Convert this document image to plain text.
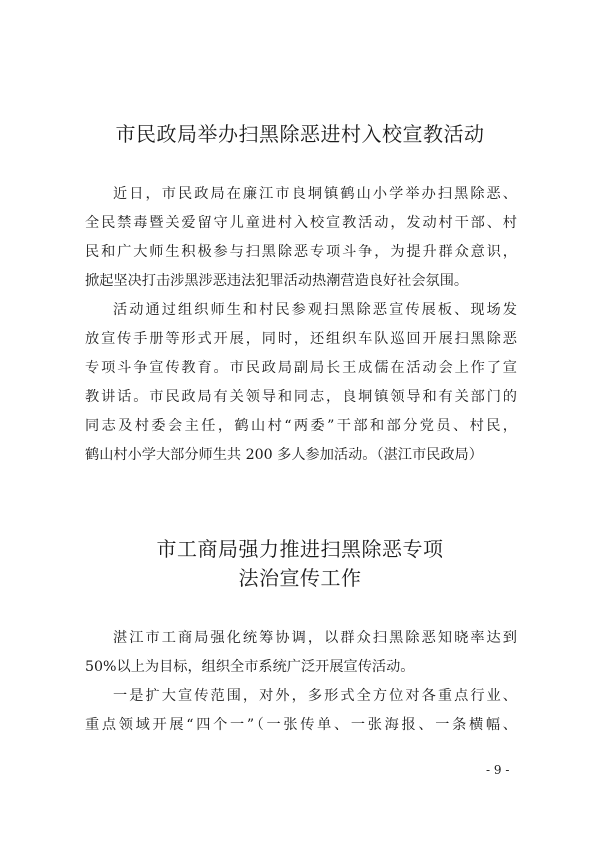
市民政局举办扫黑除恶进村入校宣教活动
近日，市民政局在廉江市良垌镇鹤山小学举办扫黑除恶、
全民禁毒暨关爱留守儿童进村入校宣教活动，发动村干部、村
民和广大师生积极参与扫黑除恶专项斗争，为提升群众意识，
掀起坚决打击涉黑涉恶违法犯罪活动热潮营造良好社会氛围。
活动通过组织师生和村民参观扫黑除恶宣传展板、现场发
放宣传手册等形式开展，同时，还组织车队巡回开展扫黑除恶
专项斗争宣传教育。市民政局副局长王成儒在活动会上作了宣
教讲话。市民政局有关领导和同志，良垌镇领导和有关部门的
同志及村委会主任，鹤山村“两委”干部和部分党员、村民，
鹤山村小学大部分师生共 200 多人参加活动。（湛江市民政局）
市工商局强力推进扫黑除恶专项
法治宣传工作
湛江市工商局强化统筹协调，以群众扫黑除恶知晓率达到
50%以上为目标，组织全市系统广泛开展宣传活动。
一是扩大宣传范围，对外，多形式全方位对各重点行业、
重点领域开展“四个一”（一张传单、一张海报、一条横幅、
- 9 -
